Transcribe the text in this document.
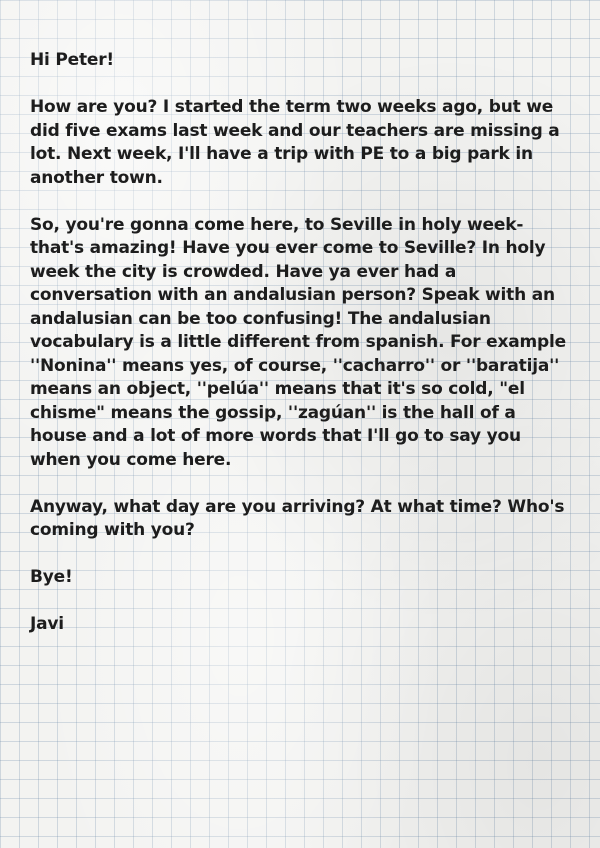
Hi Peter!

How are you? I started the term two weeks ago, but we did five exams last week and our teachers are missing a lot. Next week, I'll have a trip with PE to a big park in another town.

So, you're gonna come here, to Seville in holy week- that's amazing! Have you ever come to Seville? In holy week the city is crowded. Have ya ever had a conversation with an andalusian person? Speak with an andalusian can be too confusing! The andalusian vocabulary is a little different from spanish. For example ''Nonina'' means yes, of course, ''cacharro'' or ''baratija'' means an object, ''pelúa'' means that it's so cold, "el chisme" means the gossip, ''zagúan'' is the hall of a house and a lot of more words that I'll go to say you when you come here.

Anyway, what day are you arriving? At what time? Who's coming with you?

Bye!

Javi
